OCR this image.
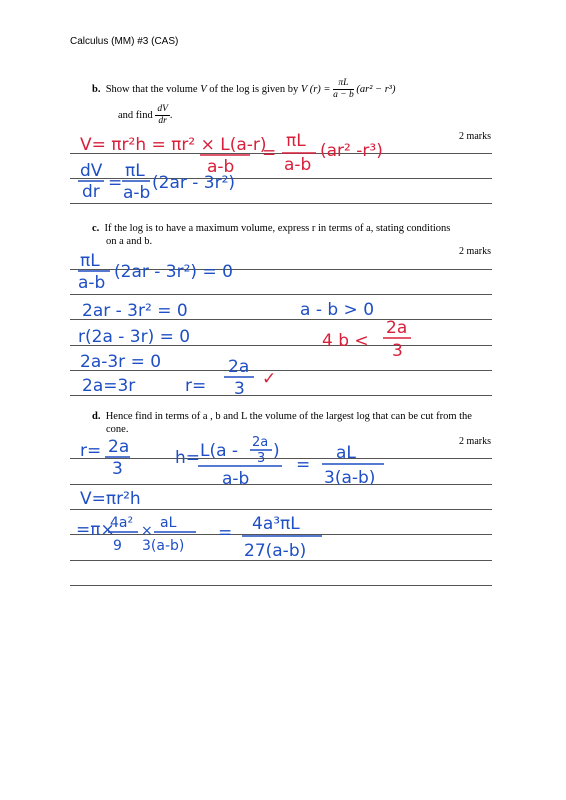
Calculus (MM) #3 (CAS)
b. Show that the volume V of the log is given by V $(r) = \frac{\pi L}{a - b} (ar^2 - r^3)$
and find $\frac{dV}{dr}$ .
2 marks
c. If the log is to have a maximum volume, express r in terms of a, stating conditions
on a and b.
2 marks
d. Hence find in terms of a , b and L the volume of the largest log that can be cut from the
cone.
2 marks
V= πr²h = πr² × L(a-r)
a-b
=
πL
a-b
(ar² -r³)
dV
dr =
πL
a-b (2ar - 3r²)
πL
a-b
(2ar - 3r²) = 0
2ar - 3r² = 0
r(2a - 3r) = 0
2a-3r = 0
2a=3r	r=
2a
3 ✓
a - b > 0
4 b <
2a
3
r= 2a
3
h= L(a - 2a
3 )
a-b
=
aL
3(a-b)
V=πr²h
=π×
4a²
9
× aL
3(a-b)
= 4a³πL
27(a-b)
